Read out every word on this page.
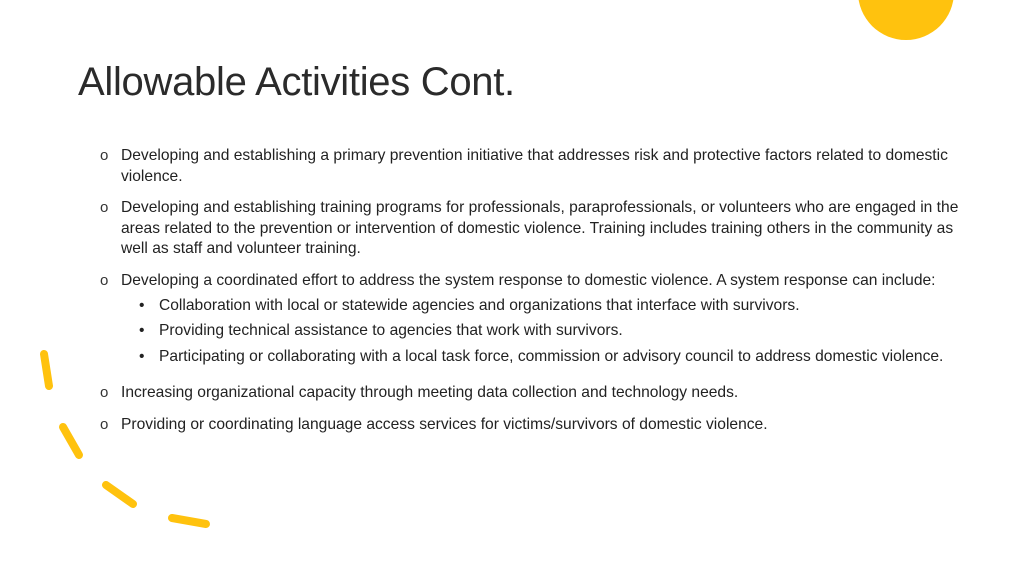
Allowable Activities Cont.
o Developing and establishing a primary prevention initiative that addresses risk and protective factors related to domestic violence.
o Developing and establishing training programs for professionals, paraprofessionals, or volunteers who are engaged in the areas related to the prevention or intervention of domestic violence. Training includes training others in the community as well as staff and volunteer training.
o Developing a coordinated effort to address the system response to domestic violence. A system response can include:
• Collaboration with local or statewide agencies and organizations that interface with survivors.
• Providing technical assistance to agencies that work with survivors.
• Participating or collaborating with a local task force, commission or advisory council to address domestic violence.
o Increasing organizational capacity through meeting data collection and technology needs.
o Providing or coordinating language access services for victims/survivors of domestic violence.
